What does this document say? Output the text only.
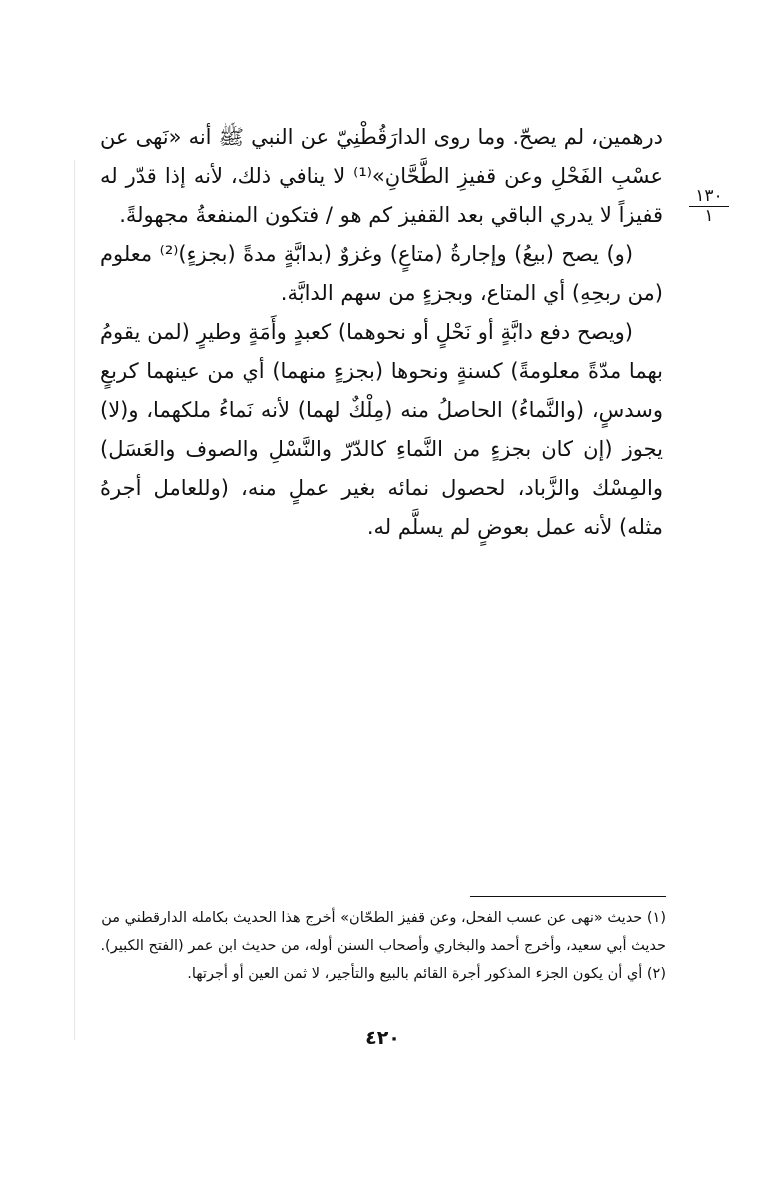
١٣٠
١

درهمين، لم يصحّ. وما روى الدارَقُطْنِيّ عن النبي ﷺ أنه «نَهى عن عسْبِ الفَحْلِ وعن قفيزِ الطَّحَّانِ»⁽¹⁾ لا ينافي ذلك، لأنه إذا قدّر له قفيزاً لا يدري الباقي بعد القفيز كم هو / فتكون المنفعةُ مجهولةً.

(و) يصح (بيعُ) وإجارةُ (متاعٍ) وغزوٌ (بدابَّةٍ مدةً (بجزءٍ)⁽²⁾ معلوم (من ربحِهِ) أي المتاع، وبجزءٍ من سهم الدابَّة.

(ويصح دفع دابَّةٍ أو نَحْلٍ أو نحوهما) كعبدٍ وأَمَةٍ وطيرٍ (لمن يقومُ بهما مدّةً معلومةً) كسنةٍ ونحوها (بجزءٍ منهما) أي من عينهما كربعٍ وسدسٍ، (والنَّماءُ) الحاصلُ منه (مِلْكٌ لهما) لأنه نَماءُ ملكهما، و(لا) يجوز (إن كان بجزءٍ من النَّماءِ كالدّرّ والنَّسْلِ والصوف والعَسَل) والمِسْك والزَّباد، لحصول نمائه بغير عملٍ منه، (وللعامل أجرهُ مثله) لأنه عمل بعوضٍ لم يسلَّم له.

(١) حديث «نهى عن عسب الفحل، وعن قفيز الطحّان» أخرج هذا الحديث بكامله الدارقطني من حديث أبي سعيد، وأخرج أحمد والبخاري وأصحاب السنن أوله، من حديث ابن عمر (الفتح الكبير).

(٢) أي أن يكون الجزء المذكور أجرة القائم بالبيع والتأجير، لا ثمن العين أو أجرتها.

٤٢٠
